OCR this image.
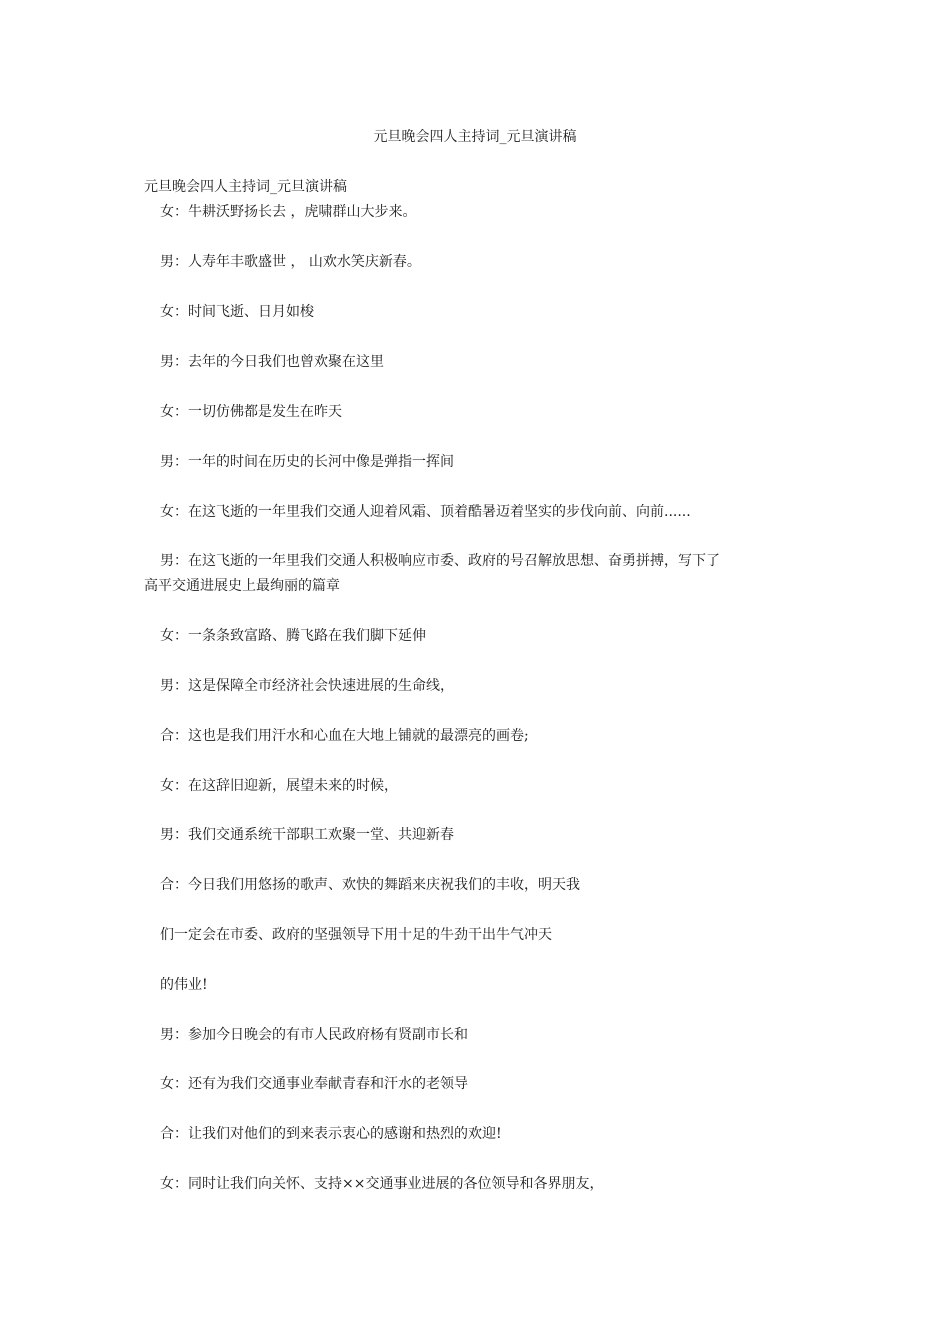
元旦晚会四人主持词_元旦演讲稿
元旦晚会四人主持词_元旦演讲稿
女：牛耕沃野扬长去 ，虎啸群山大步来。
男：人寿年丰歌盛世 ， 山欢水笑庆新春。
女：时间飞逝、日月如梭
男：去年的今日我们也曾欢聚在这里
女：一切仿佛都是发生在昨天
男：一年的时间在历史的长河中像是弹指一挥间
女：在这飞逝的一年里我们交通人迎着风霜、顶着酷暑迈着坚实的步伐向前、向前......
男：在这飞逝的一年里我们交通人积极响应市委、政府的号召解放思想、奋勇拼搏，写下了
高平交通进展史上最绚丽的篇章
女：一条条致富路、腾飞路在我们脚下延伸
男：这是保障全市经济社会快速进展的生命线，
合：这也是我们用汗水和心血在大地上铺就的最漂亮的画卷;
女：在这辞旧迎新，展望未来的时候，
男：我们交通系统干部职工欢聚一堂、共迎新春
合：今日我们用悠扬的歌声、欢快的舞蹈来庆祝我们的丰收，明天我
们一定会在市委、政府的坚强领导下用十足的牛劲干出牛气冲天
的伟业!
男：参加今日晚会的有市人民政府杨有贤副市长和
女：还有为我们交通事业奉献青春和汗水的老领导
合：让我们对他们的到来表示衷心的感谢和热烈的欢迎!
女：同时让我们向关怀、支持××交通事业进展的各位领导和各界朋友，
